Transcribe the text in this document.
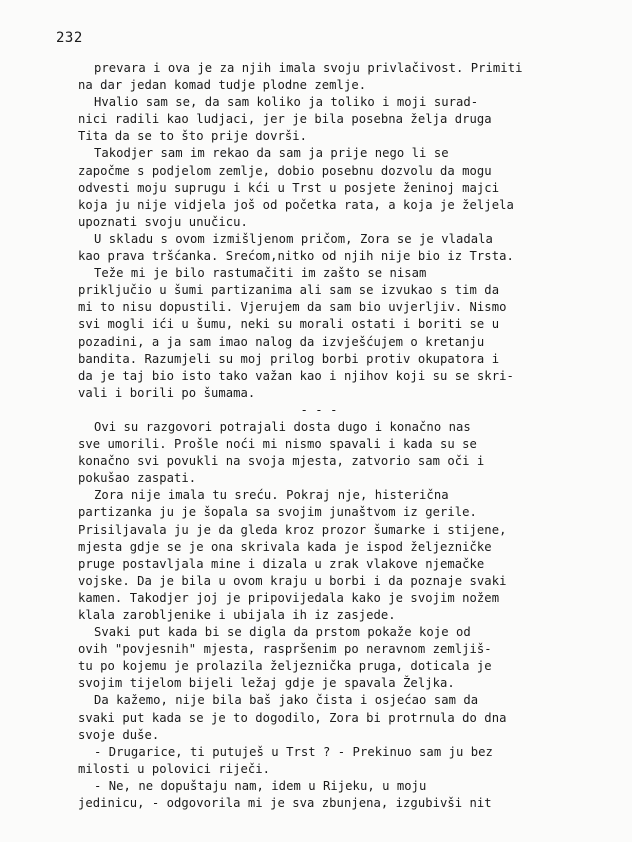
232
prevara i ova je za njih imala svoju privlačivost. Primiti
na dar jedan komad tudje plodne zemlje.
Hvalio sam se, da sam koliko ja toliko i moji surad-
nici radili kao ludjaci, jer je bila posebna želja druga
Tita da se to što prije dovrši.
Takodjer sam im rekao da sam ja prije nego li se
započme s podjelom zemlje, dobio posebnu dozvolu da mogu
odvesti moju suprugu i kći u Trst u posjete ženinoj majci
koja ju nije vidjela još od početka rata, a koja je željela
upoznati svoju unučicu.
U skladu s ovom izmišljenom pričom, Zora se je vladala
kao prava tršćanka. Srećom,nitko od njih nije bio iz Trsta.
Teže mi je bilo rastumačiti im zašto se nisam
priključio u šumi partizanima ali sam se izvukao s tim da
mi to nisu dopustili. Vjerujem da sam bio uvjerljiv. Nismo
svi mogli ići u šumu, neki su morali ostati i boriti se u
pozadini, a ja sam imao nalog da izvješćujem o kretanju
bandita. Razumjeli su moj prilog borbi protiv okupatora i
da je taj bio isto tako važan kao i njihov koji su se skri-
vali i borili po šumama.
- - -
Ovi su razgovori potrajali dosta dugo i konačno nas
sve umorili. Prošle noći mi nismo spavali i kada su se
konačno svi povukli na svoja mjesta, zatvorio sam oči i
pokušao zaspati.
Zora nije imala tu sreću. Pokraj nje, histerična
partizanka ju je šopala sa svojim junaštvom iz gerile.
Prisiljavala ju je da gleda kroz prozor šumarke i stijene,
mjesta gdje se je ona skrivala kada je ispod željezničke
pruge postavljala mine i dizala u zrak vlakove njemačke
vojske. Da je bila u ovom kraju u borbi i da poznaje svaki
kamen. Takodjer joj je pripovijedala kako je svojim nožem
klala zarobljenike i ubijala ih iz zasjede.
Svaki put kada bi se digla da prstom pokaže koje od
ovih "povjesnih" mjesta, raspršenim po neravnom zemljiš-
tu po kojemu je prolazila željeznička pruga, doticala je
svojim tijelom bijeli ležaj gdje je spavala Željka.
Da kažemo, nije bila baš jako čista i osjećao sam da
svaki put kada se je to dogodilo, Zora bi protrnula do dna
svoje duše.
- Drugarice, ti putuješ u Trst ? - Prekinuo sam ju bez
milosti u polovici riječi.
- Ne, ne dopuštaju nam, idem u Rijeku, u moju
jedinicu, - odgovorila mi je sva zbunjena, izgubivši nit
